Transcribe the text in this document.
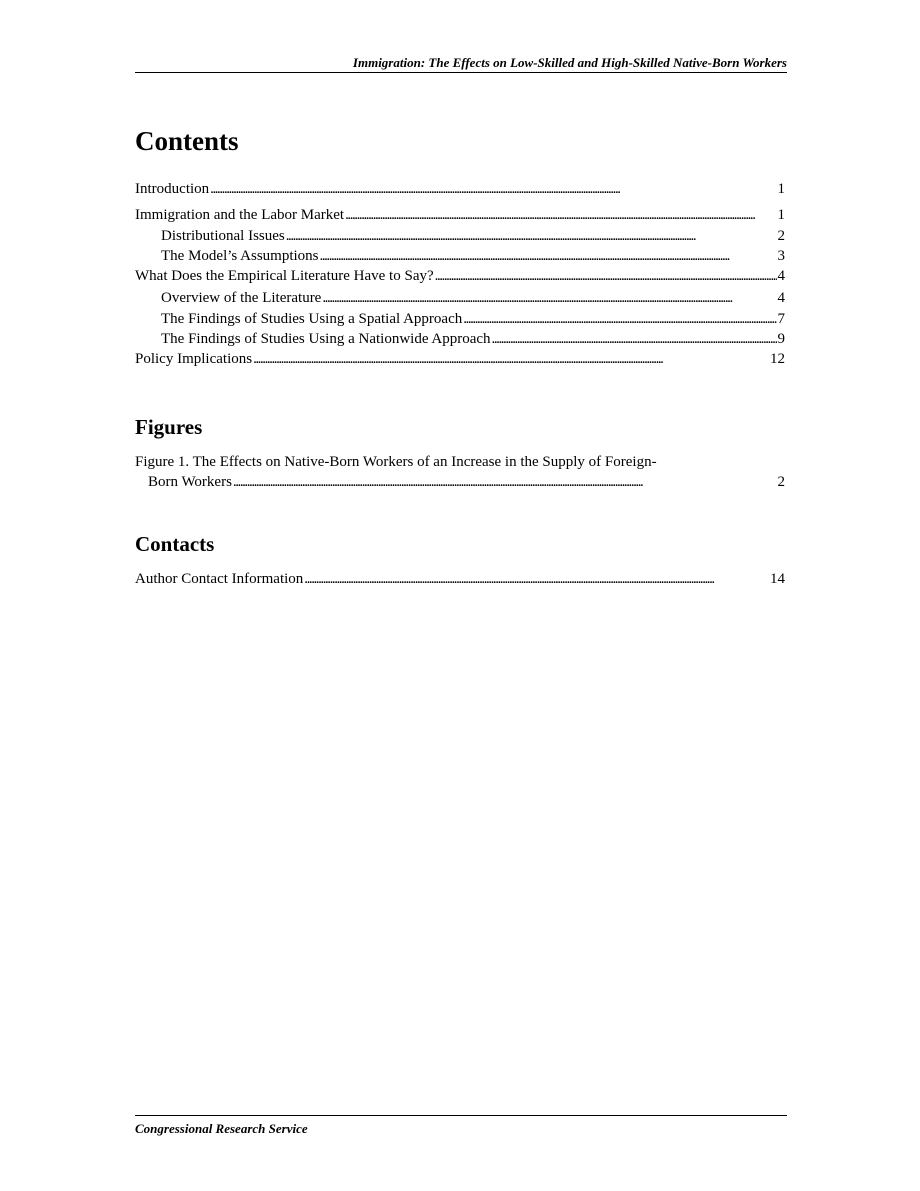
Immigration: The Effects on Low-Skilled and High-Skilled Native-Born Workers
Contents
Introduction . . .	1
Immigration and the Labor Market . . .	1
Distributional Issues . . .	2
The Model’s Assumptions . . .	3
What Does the Empirical Literature Have to Say? . . .	4
Overview of the Literature . . .	4
The Findings of Studies Using a Spatial Approach . . .	7
The Findings of Studies Using a Nationwide Approach . . .	9
Policy Implications . . .	12
Figures
Figure 1. The Effects on Native-Born Workers of an Increase in the Supply of Foreign-
Born Workers . . .	2
Contacts
Author Contact Information . . .	14
Congressional Research Service
